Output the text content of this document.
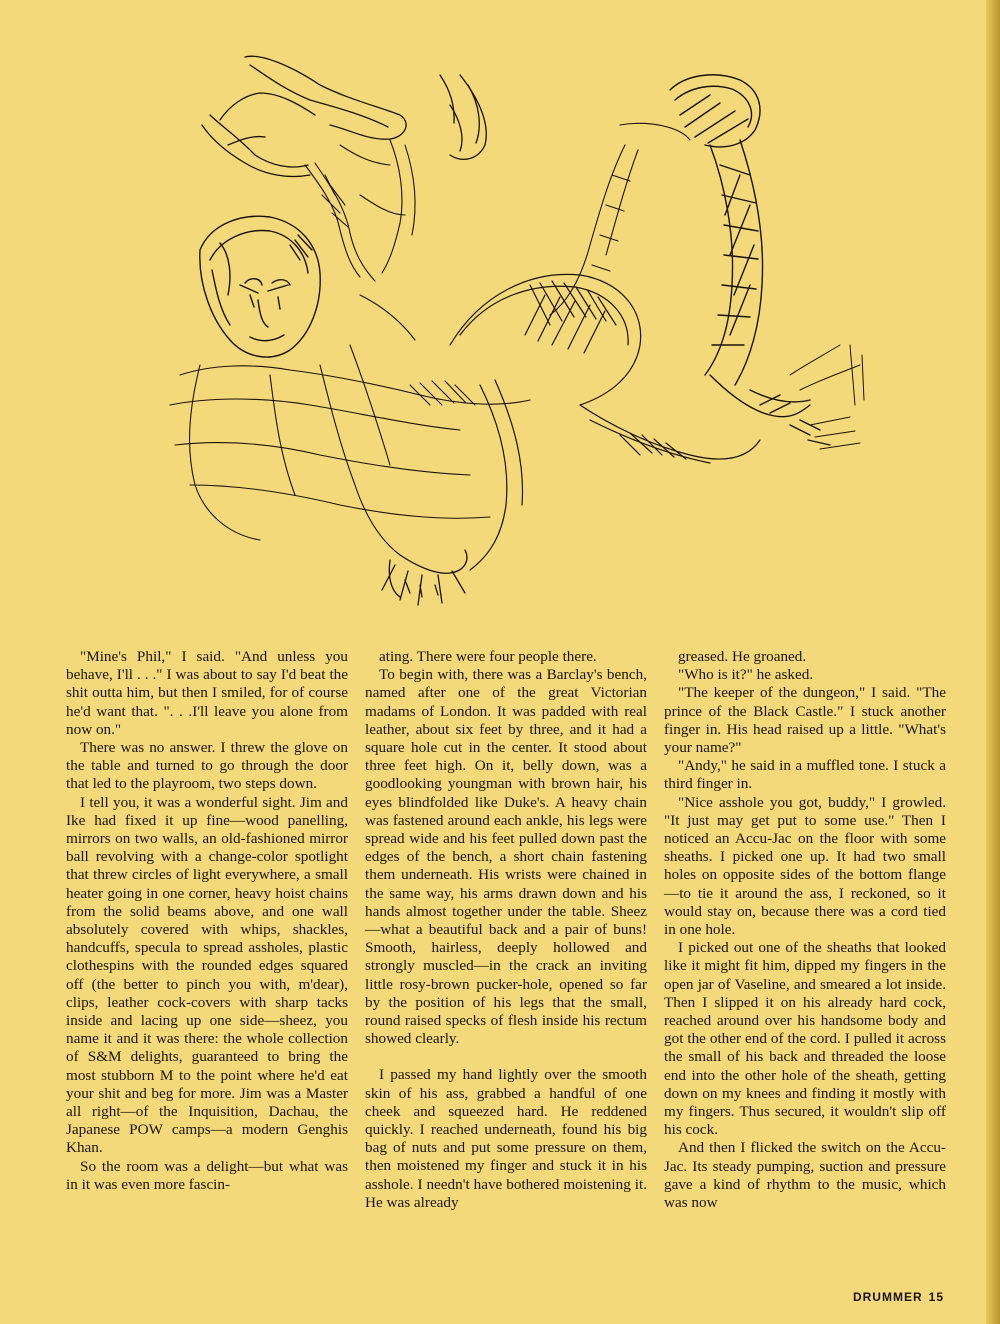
"Mine's Phil," I said. "And unless you behave, I'll . . ." I was about to say I'd beat the shit outta him, but then I smiled, for of course he'd want that. ". . .I'll leave you alone from now on."

There was no answer. I threw the glove on the table and turned to go through the door that led to the playroom, two steps down.

I tell you, it was a wonderful sight. Jim and Ike had fixed it up fine—wood panelling, mirrors on two walls, an old-fashioned mirror ball revolving with a change-color spotlight that threw circles of light everywhere, a small heater going in one corner, heavy hoist chains from the solid beams above, and one wall absolutely covered with whips, shackles, handcuffs, specula to spread assholes, plastic clothespins with the rounded edges squared off (the better to pinch you with, m'dear), clips, leather cock-covers with sharp tacks inside and lacing up one side—sheez, you name it and it was there: the whole collection of S&M delights, guaranteed to bring the most stubborn M to the point where he'd eat your shit and beg for more. Jim was a Master all right—of the Inquisition, Dachau, the Japanese POW camps—a modern Genghis Khan.

So the room was a delight—but what was in it was even more fascin-

ating. There were four people there.

To begin with, there was a Barclay's bench, named after one of the great Victorian madams of London. It was padded with real leather, about six feet by three, and it had a square hole cut in the center. It stood about three feet high. On it, belly down, was a goodlooking youngman with brown hair, his eyes blindfolded like Duke's. A heavy chain was fastened around each ankle, his legs were spread wide and his feet pulled down past the edges of the bench, a short chain fastening them underneath. His wrists were chained in the same way, his arms drawn down and his hands almost together under the table. Sheez—what a beautiful back and a pair of buns! Smooth, hairless, deeply hollowed and strongly muscled—in the crack an inviting little rosy-brown pucker-hole, opened so far by the position of his legs that the small, round raised specks of flesh inside his rectum showed clearly.

I passed my hand lightly over the smooth skin of his ass, grabbed a handful of one cheek and squeezed hard. He reddened quickly. I reached underneath, found his big bag of nuts and put some pressure on them, then moistened my finger and stuck it in his asshole. I needn't have bothered moistening it. He was already

greased. He groaned.

"Who is it?" he asked.

"The keeper of the dungeon," I said. "The prince of the Black Castle." I stuck another finger in. His head raised up a little. "What's your name?"

"Andy," he said in a muffled tone. I stuck a third finger in.

"Nice asshole you got, buddy," I growled. "It just may get put to some use." Then I noticed an Accu-Jac on the floor with some sheaths. I picked one up. It had two small holes on opposite sides of the bottom flange—to tie it around the ass, I reckoned, so it would stay on, because there was a cord tied in one hole.

I picked out one of the sheaths that looked like it might fit him, dipped my fingers in the open jar of Vaseline, and smeared a lot inside. Then I slipped it on his already hard cock, reached around over his handsome body and got the other end of the cord. I pulled it across the small of his back and threaded the loose end into the other hole of the sheath, getting down on my knees and finding it mostly with my fingers. Thus secured, it wouldn't slip off his cock.

And then I flicked the switch on the Accu-Jac. Its steady pumping, suction and pressure gave a kind of rhythm to the music, which was now

DRUMMER 15
